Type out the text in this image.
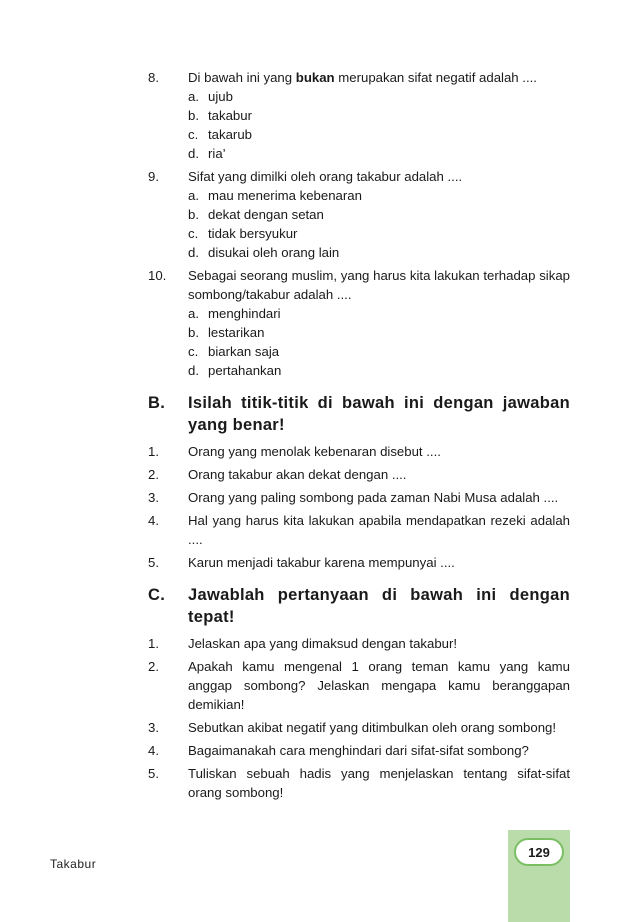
8.	Di bawah ini yang bukan merupakan sifat negatif adalah ....
a. ujub
b. takabur
c. takarub
d. ria’
9.	Sifat yang dimilki oleh orang takabur adalah ....
a. mau menerima kebenaran
b. dekat dengan setan
c. tidak bersyukur
d. disukai oleh orang lain
10.	Sebagai seorang muslim, yang harus kita lakukan terhadap sikap sombong/takabur adalah ....
a. menghindari
b. lestarikan
c. biarkan saja
d. pertahankan
B.	Isilah titik-titik di bawah ini dengan jawaban yang benar!
1.	Orang yang menolak kebenaran disebut ....
2.	Orang takabur akan dekat dengan ....
3.	Orang yang paling sombong pada zaman Nabi Musa adalah ....
4.	Hal yang harus kita lakukan apabila mendapatkan rezeki adalah ....
5.	Karun menjadi takabur karena mempunyai ....
C.	Jawablah pertanyaan di bawah ini dengan tepat!
1.	Jelaskan apa yang dimaksud dengan takabur!
2.	Apakah kamu mengenal 1 orang teman kamu yang kamu anggap sombong? Jelaskan mengapa kamu beranggapan demikian!
3.	Sebutkan akibat negatif yang ditimbulkan oleh orang sombong!
4.	Bagaimanakah cara menghindari dari sifat-sifat sombong?
5.	Tuliskan sebuah hadis yang menjelaskan tentang sifat-sifat orang sombong!
Takabur
129
